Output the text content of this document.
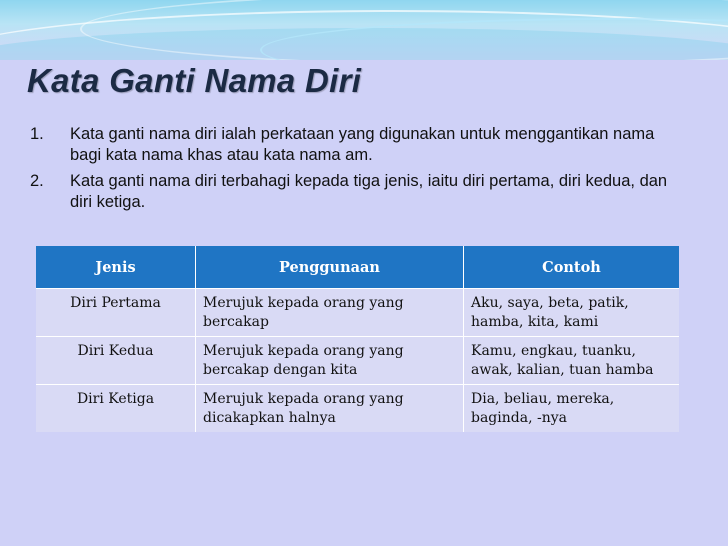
Kata Ganti Nama Diri
1. Kata ganti nama diri ialah perkataan yang digunakan untuk menggantikan nama bagi kata nama khas atau kata nama am.
2. Kata ganti nama diri terbahagi kepada tiga jenis, iaitu diri pertama, diri kedua, dan diri ketiga.
Jenis	Penggunaan	Contoh
Diri Pertama	Merujuk kepada orang yang bercakap	Aku, saya, beta, patik, hamba, kita, kami
Diri Kedua	Merujuk kepada orang yang bercakap dengan kita	Kamu, engkau, tuanku, awak, kalian, tuan hamba
Diri Ketiga	Merujuk kepada orang yang dicakapkan halnya	Dia, beliau, mereka, baginda, -nya
